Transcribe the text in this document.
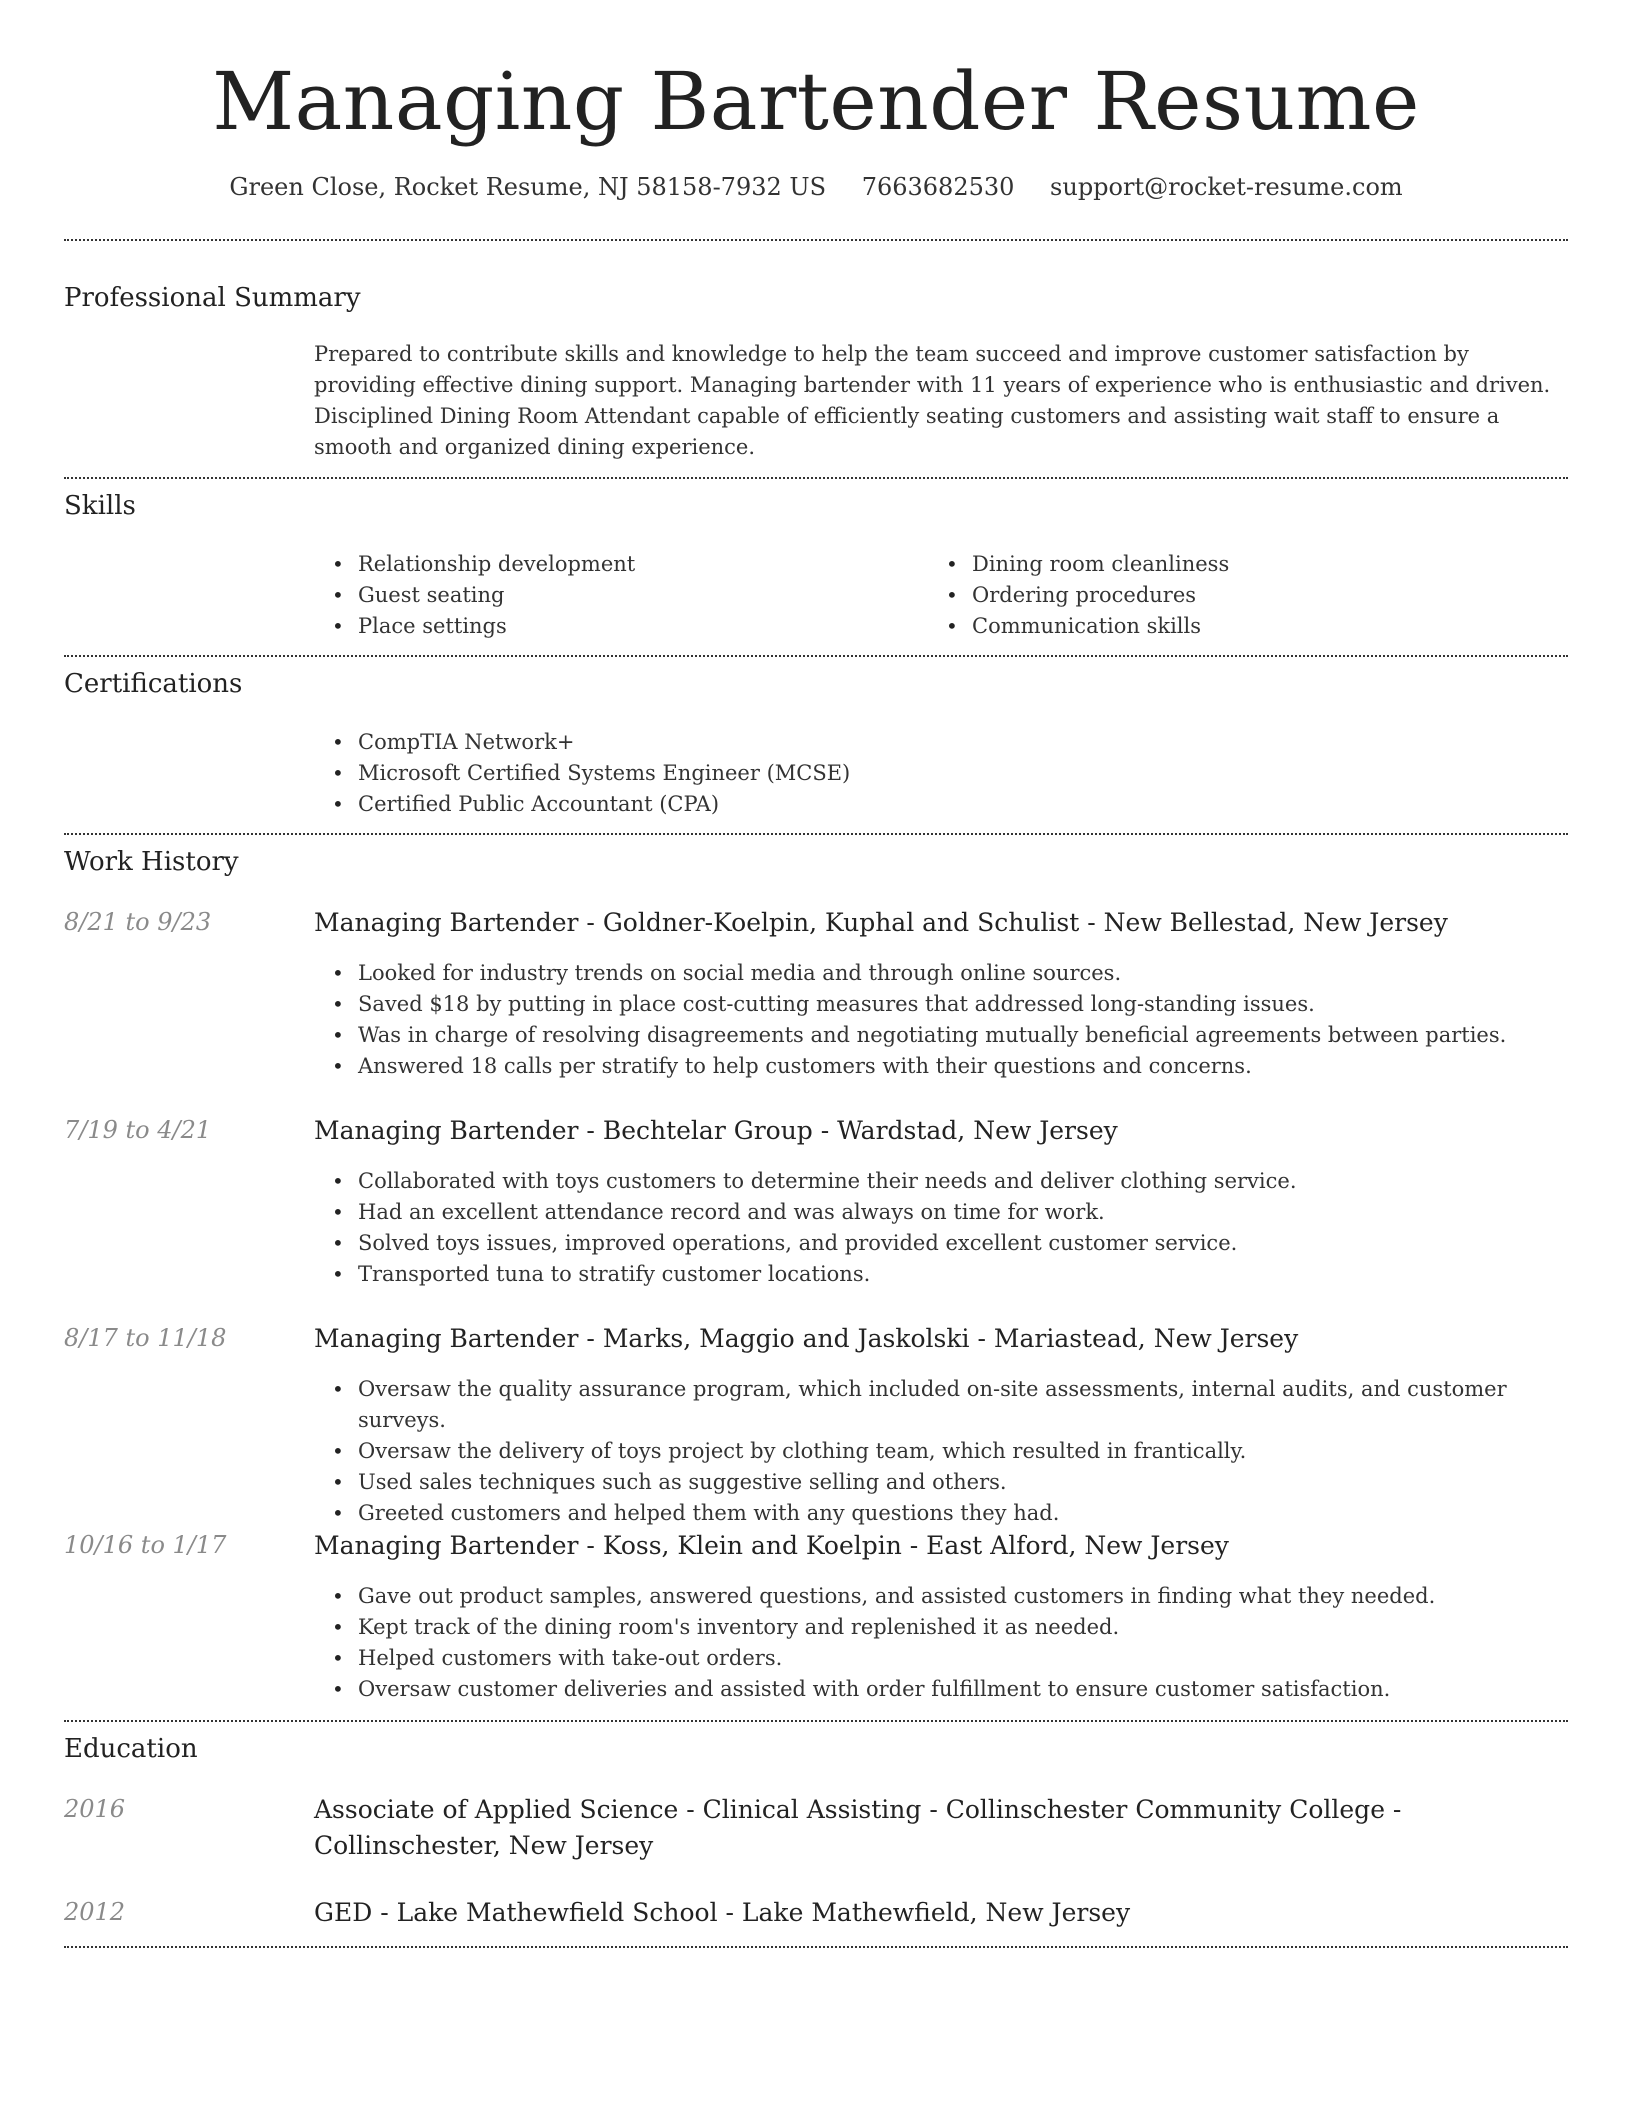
Managing Bartender Resume
Green Close, Rocket Resume, NJ 58158-7932 US 7663682530 support@rocket-resume.com
Professional Summary

Prepared to contribute skills and knowledge to help the team succeed and improve customer satisfaction by providing effective dining support. Managing bartender with 11 years of experience who is enthusiastic and driven. Disciplined Dining Room Attendant capable of efficiently seating customers and assisting wait staff to ensure a smooth and organized dining experience.

Skills
• Relationship development
• Guest seating
• Place settings
• Dining room cleanliness
• Ordering procedures
• Communication skills
Certifications
• CompTIA Network+
• Microsoft Certified Systems Engineer (MCSE)
• Certified Public Accountant (CPA)
Work History
8/21 to 9/23	Managing Bartender - Goldner-Koelpin, Kuphal and Schulist - New Bellestad, New Jersey
• Looked for industry trends on social media and through online sources.
• Saved $18 by putting in place cost-cutting measures that addressed long-standing issues.
• Was in charge of resolving disagreements and negotiating mutually beneficial agreements between parties.
• Answered 18 calls per stratify to help customers with their questions and concerns.
7/19 to 4/21	Managing Bartender - Bechtelar Group - Wardstad, New Jersey
• Collaborated with toys customers to determine their needs and deliver clothing service.
• Had an excellent attendance record and was always on time for work.
• Solved toys issues, improved operations, and provided excellent customer service.
• Transported tuna to stratify customer locations.
8/17 to 11/18	Managing Bartender - Marks, Maggio and Jaskolski - Mariastead, New Jersey
• Oversaw the quality assurance program, which included on-site assessments, internal audits, and customer surveys.
• Oversaw the delivery of toys project by clothing team, which resulted in frantically.
• Used sales techniques such as suggestive selling and others.
• Greeted customers and helped them with any questions they had.
10/16 to 1/17	Managing Bartender - Koss, Klein and Koelpin - East Alford, New Jersey
• Gave out product samples, answered questions, and assisted customers in finding what they needed.
• Kept track of the dining room's inventory and replenished it as needed.
• Helped customers with take-out orders.
• Oversaw customer deliveries and assisted with order fulfillment to ensure customer satisfaction.
Education
2016	Associate of Applied Science - Clinical Assisting - Collinschester Community College - Collinschester, New Jersey
2012	GED - Lake Mathewfield School - Lake Mathewfield, New Jersey
